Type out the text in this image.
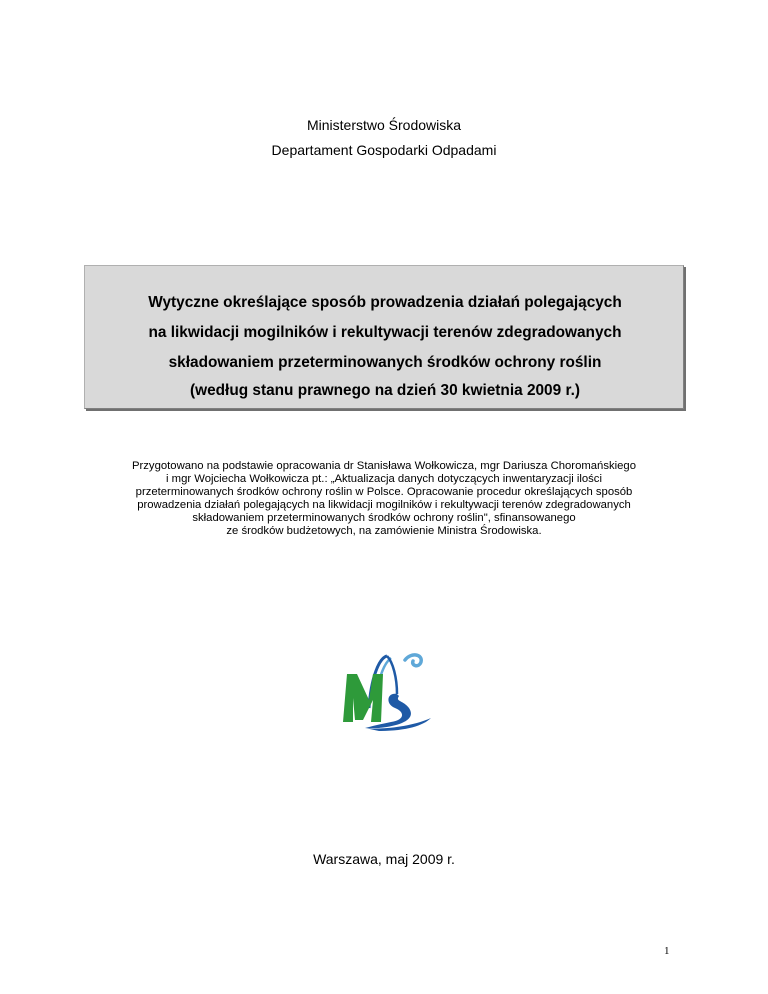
Ministerstwo Środowiska
Departament Gospodarki Odpadami
Wytyczne określające sposób prowadzenia działań polegających
na likwidacji mogilników i rekultywacji terenów zdegradowanych
składowaniem przeterminowanych środków ochrony roślin
(według stanu prawnego na dzień 30 kwietnia 2009 r.)
Przygotowano na podstawie opracowania dr Stanisława Wołkowicza, mgr Dariusza Choromańskiego
i mgr Wojciecha Wołkowicza pt.: „Aktualizacja danych dotyczących inwentaryzacji ilości
przeterminowanych środków ochrony roślin w Polsce. Opracowanie procedur określających sposób
prowadzenia działań polegających na likwidacji mogilników i rekultywacji terenów zdegradowanych
składowaniem przeterminowanych środków ochrony roślin", sfinansowanego
ze środków budżetowych, na zamówienie Ministra Środowiska.
Warszawa, maj 2009 r.
1
